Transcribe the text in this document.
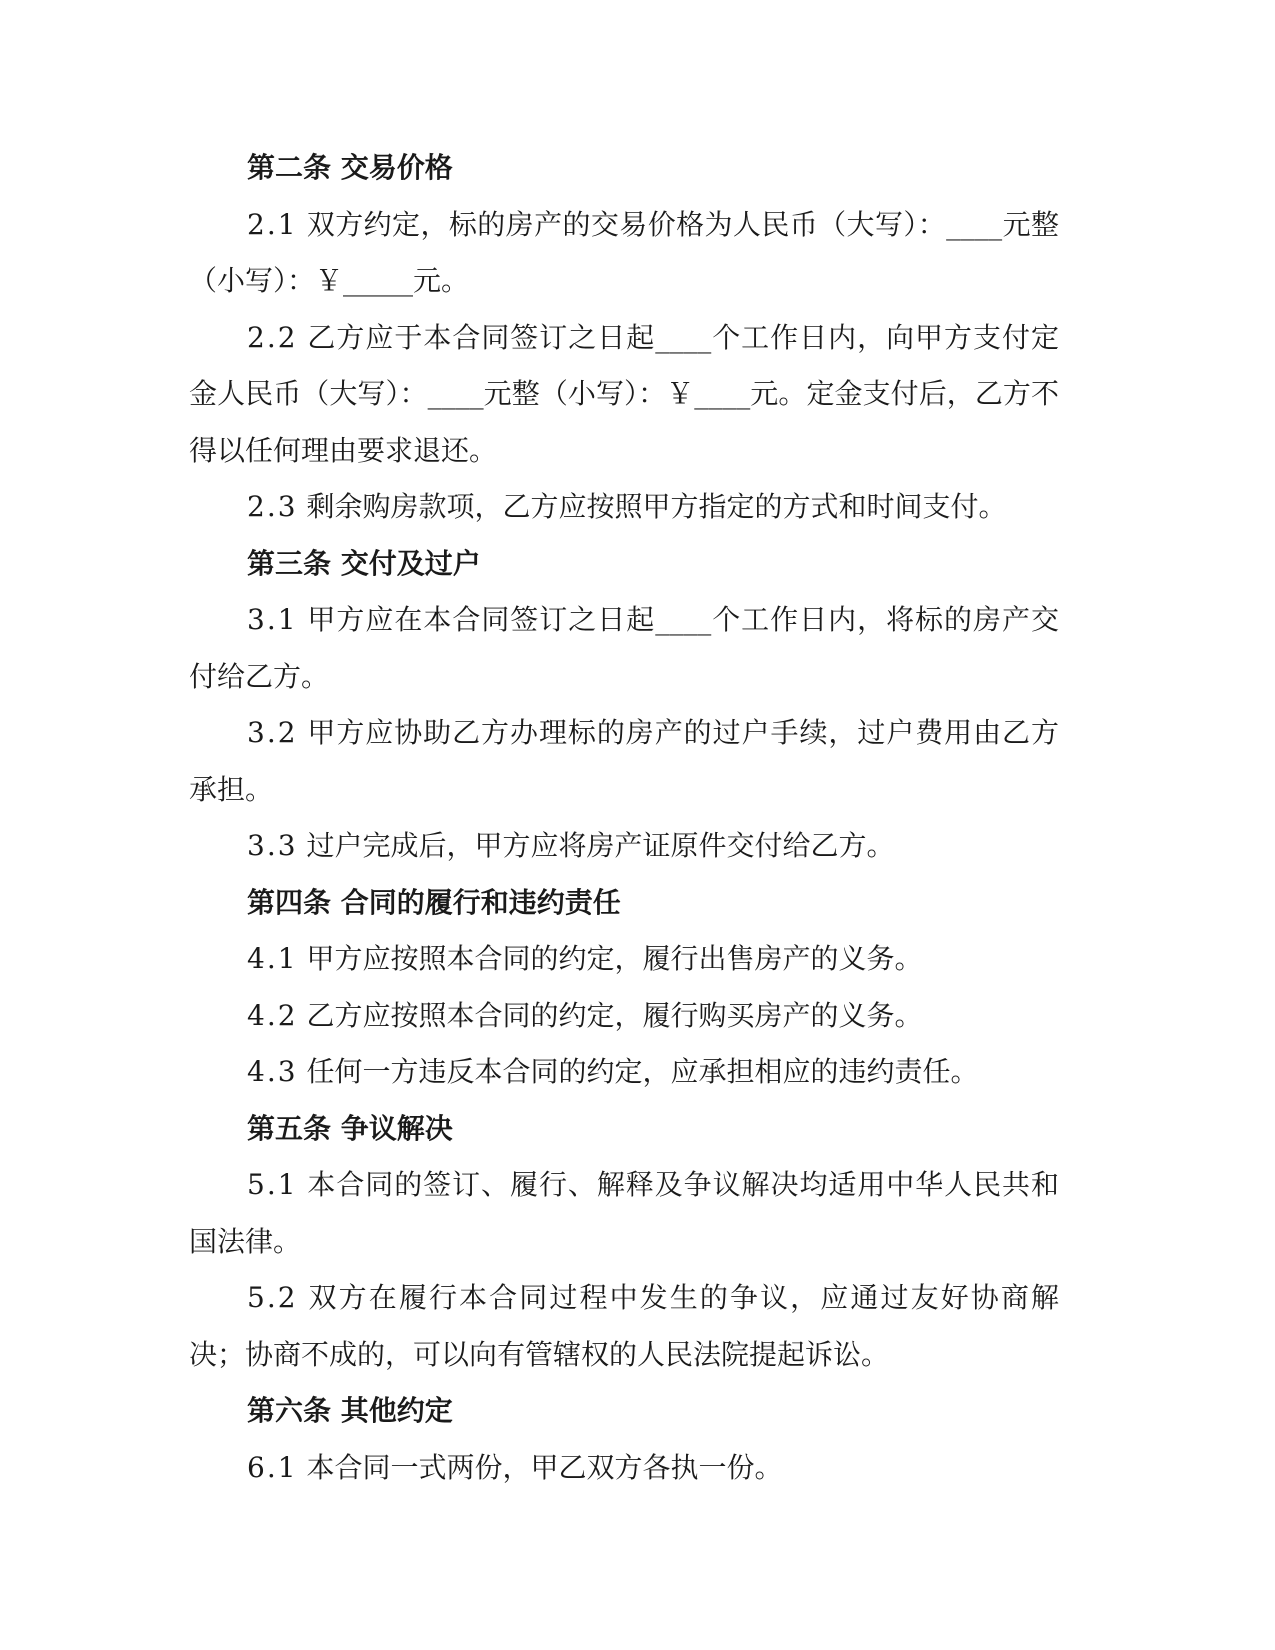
第二条 交易价格

2.1 双方约定，标的房产的交易价格为人民币（大写）：____元整（小写）：￥_____元。

2.2 乙方应于本合同签订之日起____个工作日内，向甲方支付定金人民币（大写）：____元整（小写）：￥____元。定金支付后，乙方不得以任何理由要求退还。

2.3 剩余购房款项，乙方应按照甲方指定的方式和时间支付。

第三条 交付及过户

3.1 甲方应在本合同签订之日起____个工作日内，将标的房产交付给乙方。

3.2 甲方应协助乙方办理标的房产的过户手续，过户费用由乙方承担。

3.3 过户完成后，甲方应将房产证原件交付给乙方。

第四条 合同的履行和违约责任

4.1 甲方应按照本合同的约定，履行出售房产的义务。

4.2 乙方应按照本合同的约定，履行购买房产的义务。

4.3 任何一方违反本合同的约定，应承担相应的违约责任。

第五条 争议解决

5.1 本合同的签订、履行、解释及争议解决均适用中华人民共和国法律。

5.2 双方在履行本合同过程中发生的争议，应通过友好协商解决；协商不成的，可以向有管辖权的人民法院提起诉讼。

第六条 其他约定

6.1 本合同一式两份，甲乙双方各执一份。
